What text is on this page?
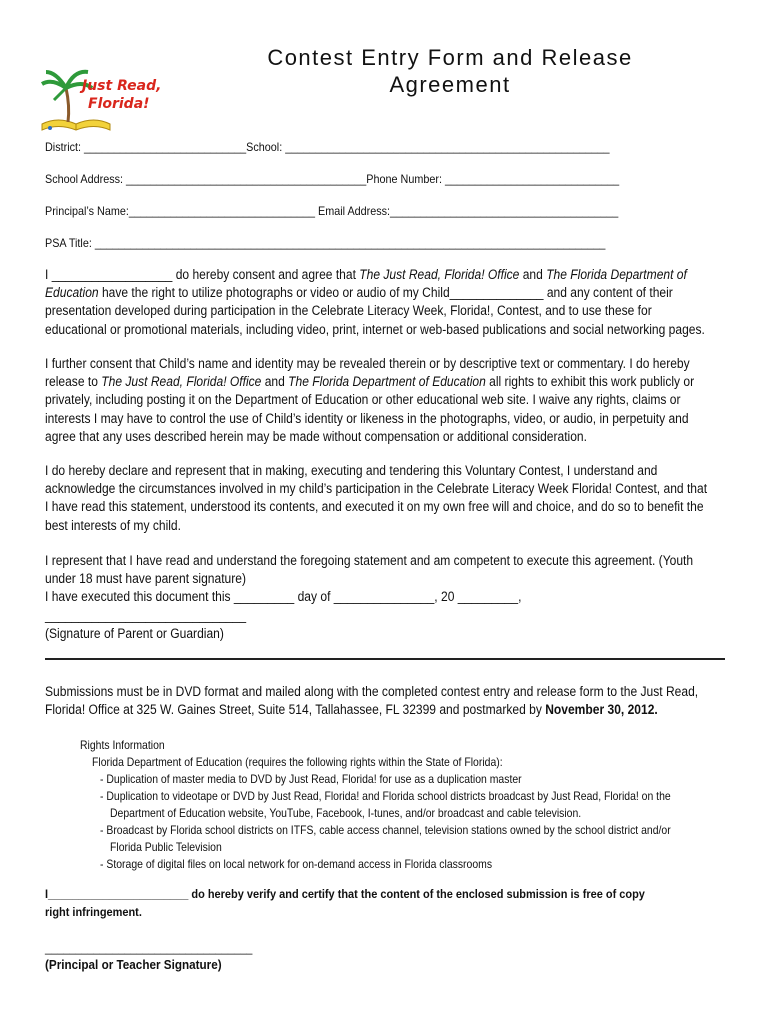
Just Read,
Florida!
Contest Entry Form and Release
Agreement
District: ___________________________School: ______________________________________________________
School Address: ________________________________________Phone Number: _____________________________
Principal’s Name:_______________________________ Email Address:______________________________________
PSA Title: _____________________________________________________________________________________
I __________________ do hereby consent and agree that The Just Read, Florida! Office and The Florida Department of Education have the right to utilize photographs or video or audio of my Child______________ and any content of their presentation developed during participation in the Celebrate Literacy Week, Florida!, Contest, and to use these for educational or promotional materials, including video, print, internet or web-based publications and social networking pages.
I further consent that Child’s name and identity may be revealed therein or by descriptive text or commentary. I do hereby release to The Just Read, Florida! Office and The Florida Department of Education all rights to exhibit this work publicly or privately, including posting it on the Department of Education or other educational web site. I waive any rights, claims or interests I may have to control the use of Child’s identity or likeness in the photographs, video, or audio, in perpetuity and agree that any uses described herein may be made without compensation or additional consideration.
I do hereby declare and represent that in making, executing and tendering this Voluntary Contest, I understand and acknowledge the circumstances involved in my child’s participation in the Celebrate Literacy Week Florida! Contest, and that I have read this statement, understood its contents, and executed it on my own free will and choice, and do so to benefit the best interests of my child.
I represent that I have read and understand the foregoing statement and am competent to execute this agreement. (Youth
under 18 must have parent signature)
I have executed this document this _________ day of _______________, 20 _________,
______________________________
(Signature of Parent or Guardian)
Submissions must be in DVD format and mailed along with the completed contest entry and release form to the Just Read, Florida! Office at 325 W. Gaines Street, Suite 514, Tallahassee, FL 32399 and postmarked by November 30, 2012.
Rights Information
Florida Department of Education (requires the following rights within the State of Florida):
- Duplication of master media to DVD by Just Read, Florida! for use as a duplication master
- Duplication to videotape or DVD by Just Read, Florida! and Florida school districts broadcast by Just Read, Florida! on the
Department of Education website, YouTube, Facebook, I-tunes, and/or broadcast and cable television.
- Broadcast by Florida school districts on ITFS, cable access channel, television stations owned by the school district and/or
Florida Public Television
- Storage of digital files on local network for on-demand access in Florida classrooms
I_______________________ do hereby verify and certify that the content of the enclosed submission is free of copy
right infringement.
__________________________________
(Principal or Teacher Signature)
